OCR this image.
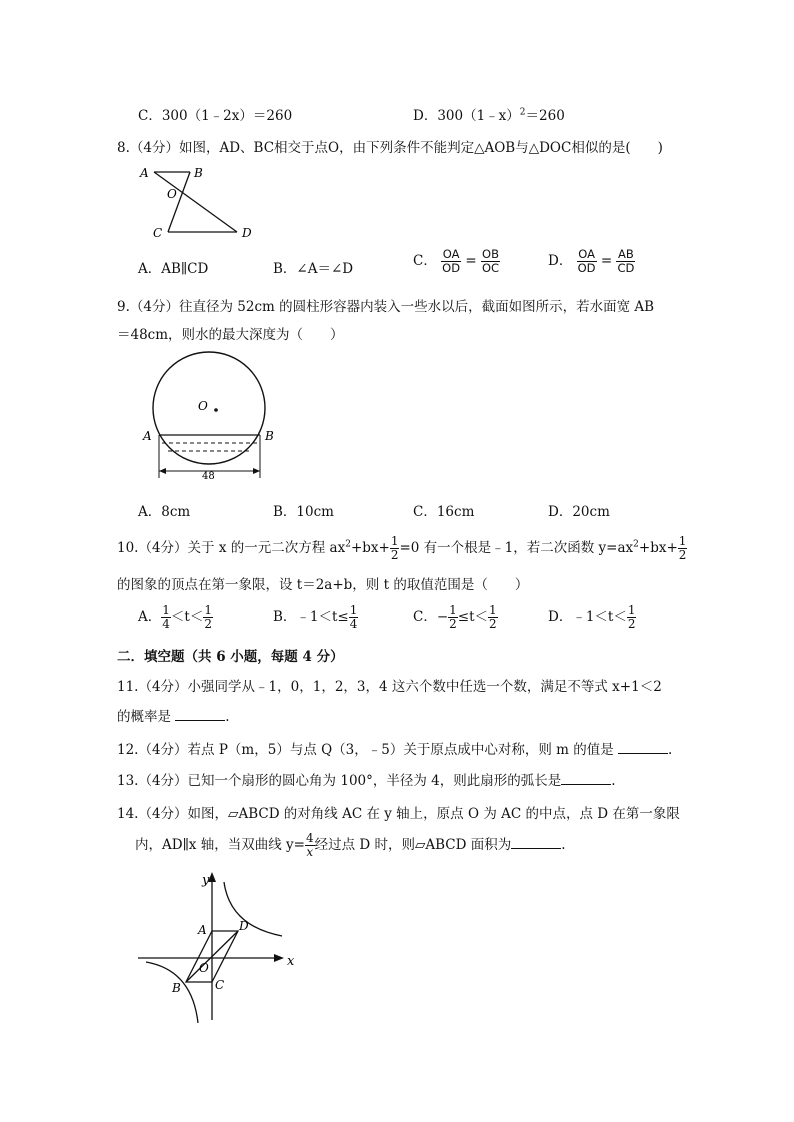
C．300（1﹣2x）＝260	D．300（1﹣x）$^2$＝260
8.（4分）如图，AD、BC相交于点O，由下列条件不能判定△AOB与△DOC相似的是(　　)
A	B
O
C	D
A．AB∥CD	B．∠A＝∠D	C． $\frac{OA}{OD} = \frac{OB}{OC}$	D． $\frac{OA}{OD} = \frac{AB}{CD}$
9.（4分）往直径为 52cm 的圆柱形容器内装入一些水以后，截面如图所示，若水面宽 AB
＝48cm，则水的最大深度为（　　）
O
A	B
48
A．8cm	B．10cm	C．16cm	D．20cm
10.（4分）关于 x 的一元二次方程 $ax^2+bx+ \frac{1}{2} =0$ 有一个根是﹣1，若二次函数 $y=ax^2+bx+ \frac{1}{2}$
的图象的顶点在第一象限，设 t＝2a+b，则 t 的取值范围是（　　）
A． $\frac{1}{4} <t< \frac{1}{2}$	B．﹣1＜t≤ $\frac{1}{4}$	C．− $\frac{1}{2} \le t< \frac{1}{2}$	D．﹣1＜t＜ $\frac{1}{2}$
二．填空题（共 6 小题，每题 4 分）
11.（4分）小强同学从﹣1，0，1，2，3，4 这六个数中任选一个数，满足不等式 x+1＜2
的概率是	.
12.（4分）若点 P（m，5）与点 Q（3，﹣5）关于原点成中心对称，则 m 的值是	.
13.（4分）已知一个扇形的圆心角为 100°，半径为 4，则此扇形的弧长是	.
14.（4分）如图，▱ABCD 的对角线 AC 在 y 轴上，原点 O 为 AC 的中点，点 D 在第一象限
内，AD∥x 轴，当双曲线 $y= \frac{4}{x}$ 经过点 D 时，则▱ABCD 面积为	.
y
x
A	D
O
B	C
